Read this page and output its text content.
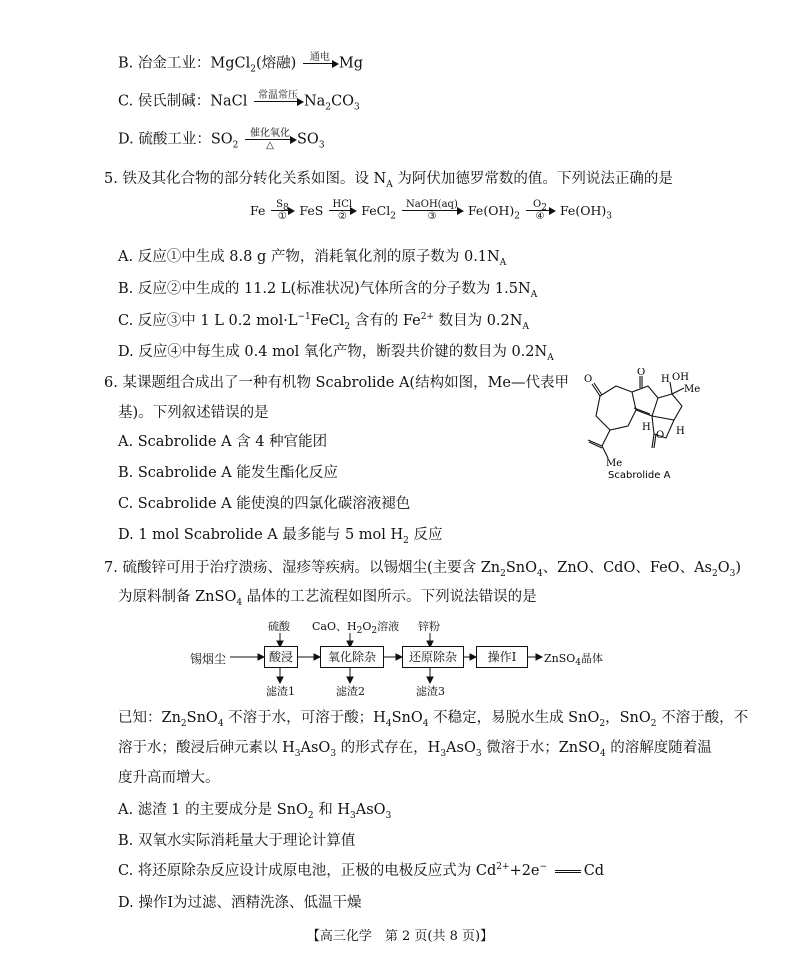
B. 冶金工业：MgCl$_2$(熔融)	通电
Mg
C. 侯氏制碱：NaCl	常温常压
$Na_2CO_3$
D. 硫酸工业：$SO_2$
催化氧化
△	$SO_3$
5. 铁及其化合物的部分转化关系如图。设 $N_A$ 为阿伏加德罗常数的值。下列说法正确的是
Fe	$S_8$
①	FeS HCl
②	FeCl$_2$
NaOH(aq)
③	$Fe(OH)_2$
$O_2$
④	$Fe(OH)_3$
A. 反应①中生成 8.8 g 产物，消耗氧化剂的原子数为 $0.1N_A$
B. 反应②中生成的 11.2 L(标准状况)气体所含的分子数为 $1.5N_A$
C. 反应③中 1 L 0.2 $mol\cdot L^{-1}FeCl_2$ 含有的 $Fe^{2+}$ 数目为 $0.2N_A$
D. 反应④中每生成 0.4 mol 氧化产物，断裂共价键的数目为 $0.2N_A$
6. 某课题组合成出了一种有机物 Scabrolide A(结构如图，Me—代表甲
基)。下列叙述错误的是
A. Scabrolide A 含 4 种官能团
B. Scabrolide A 能发生酯化反应
C. Scabrolide A 能使溴的四氯化碳溶液褪色
D. 1 mol Scabrolide A 最多能与 5 mol $H_2$ 反应
H OH
Me
O
O
O
H	H
Me
Scabrolide A
7. 硫酸锌可用于治疗溃疡、湿疹等疾病。以锡烟尘(主要含 $Zn_2SnO_4$、ZnO、CdO、FeO、$As_2O_3$)
为原料制备 ZnSO$_4$ 晶体的工艺流程如图所示。下列说法错误的是
锡烟尘	酸浸	氧化除杂	还原除杂	操作Ⅰ	ZnSO$_4$晶体
硫酸 CaO、$H_2O_2$溶液 锌粉
滤渣1	滤渣2	滤渣3
已知：$Zn_2SnO_4$ 不溶于水，可溶于酸；$H_4SnO_4$ 不稳定，易脱水生成 SnO$_2$，SnO$_2$ 不溶于酸，不
溶于水；酸浸后砷元素以 $H_3AsO_3$ 的形式存在，$H_3AsO_3$ 微溶于水；ZnSO$_4$ 的溶解度随着温
度升高而增大。
A. 滤渣 1 的主要成分是 SnO$_2$ 和 $H_3AsO_3$
B. 双氧水实际消耗量大于理论计算值
C. 将还原除杂反应设计成原电池，正极的电极反应式为 $Cd^{2+}+2e^-$	Cd
D. 操作Ⅰ为过滤、酒精洗涤、低温干燥
【高三化学　第 2 页(共 8 页)】
